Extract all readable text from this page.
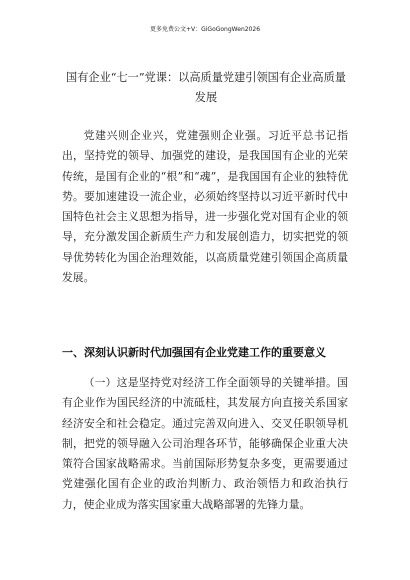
更多免费公文+V：GiGoGongWen2026
国有企业“七一”党课：以高质量党建引领国有企业高质量发展

党建兴则企业兴，党建强则企业强。习近平总书记指出，坚持党的领导、加强党的建设，是我国国有企业的光荣传统，是国有企业的“根”和“魂”，是我国国有企业的独特优势。要加速建设一流企业，必须始终坚持以习近平新时代中国特色社会主义思想为指导，进一步强化党对国有企业的领导，充分激发国企新质生产力和发展创造力，切实把党的领导优势转化为国企治理效能，以高质量党建引领国企高质量发展。

一、深刻认识新时代加强国有企业党建工作的重要意义

（一）这是坚持党对经济工作全面领导的关键举措。国有企业作为国民经济的中流砥柱，其发展方向直接关系国家经济安全和社会稳定。通过完善双向进入、交叉任职领导机制，把党的领导融入公司治理各环节，能够确保企业重大决策符合国家战略需求。当前国际形势复杂多变，更需要通过党建强化国有企业的政治判断力、政治领悟力和政治执行力，使企业成为落实国家重大战略部署的先锋力量。
